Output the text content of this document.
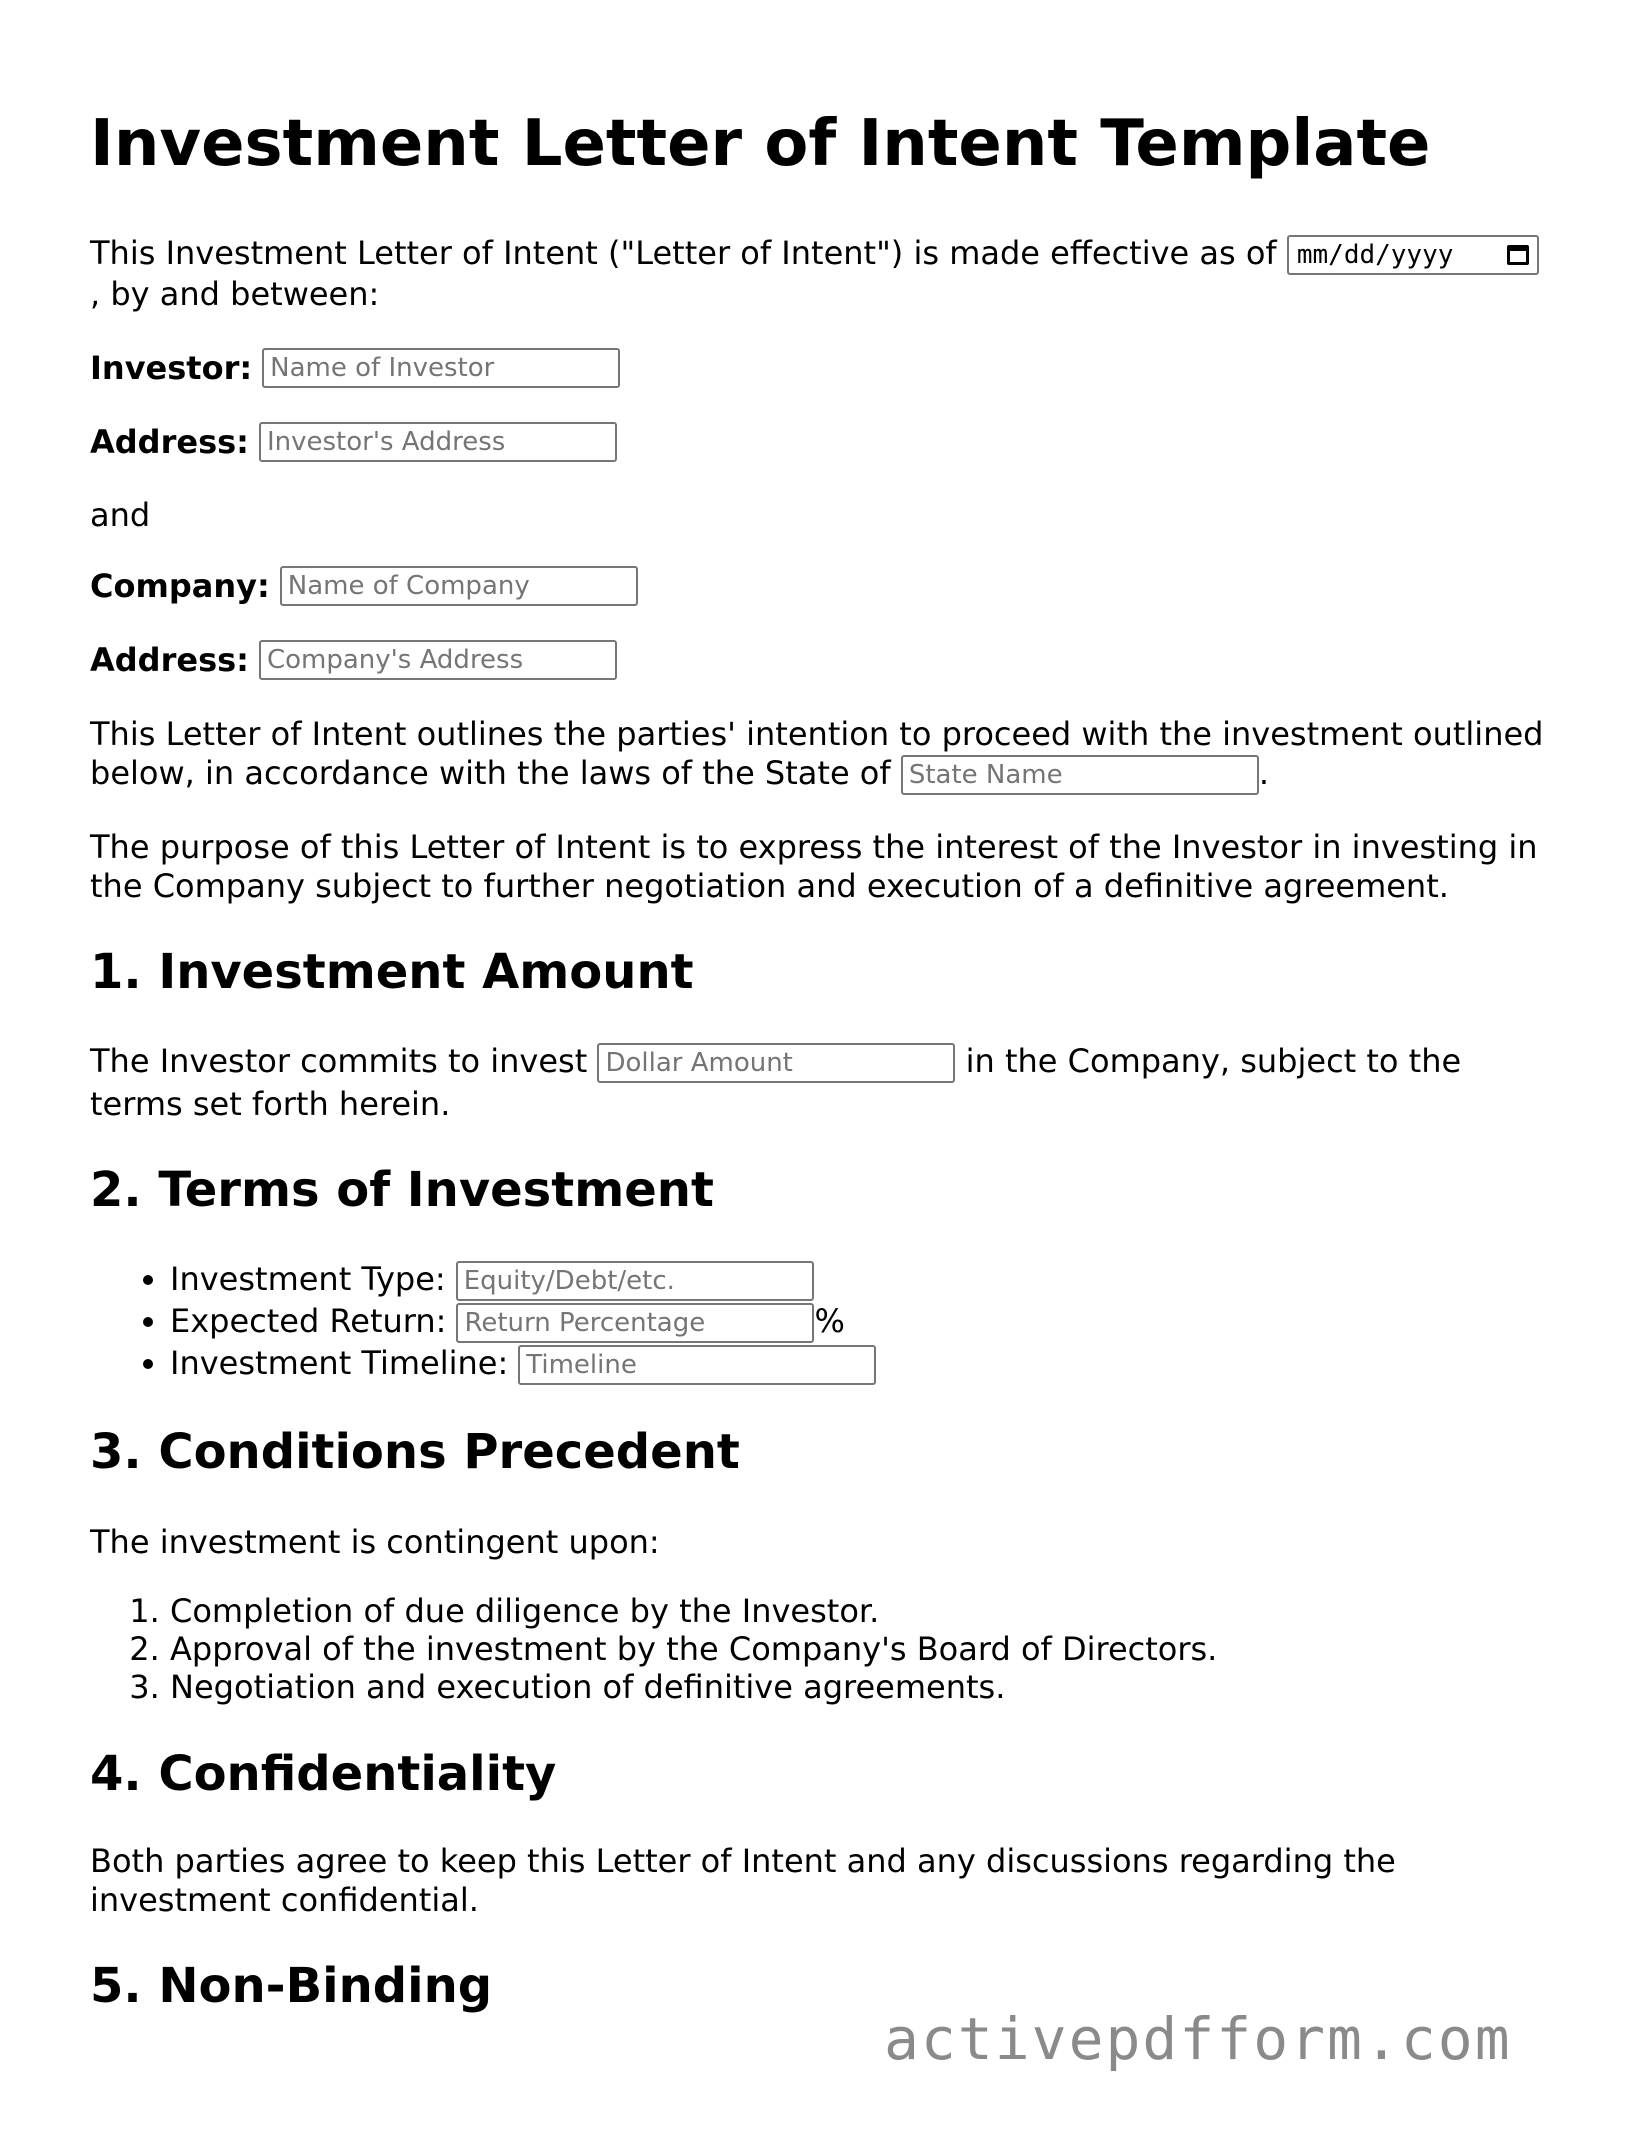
Investment Letter of Intent Template
This Investment Letter of Intent ("Letter of Intent") is made effective as of mm/dd/yyyy

, by and between:
Investor:
Name of Investor
Address:
Investor's Address
and
Company:
Name of Company
Address:
Company's Address
This Letter of Intent outlines the parties' intention to proceed with the investment outlined below, in accordance with the laws of the State of State Name	.
The purpose of this Letter of Intent is to express the interest of the Investor in investing in the Company subject to further negotiation and execution of a definitive agreement.
1. Investment Amount
The Investor commits to invest Dollar Amount	in the Company, subject to the terms set forth herein.
2. Terms of Investment
• Investment Type:Equity/Debt/etc.
• Expected Return:Return Percentage	%
• Investment Timeline:Timeline
3. Conditions Precedent
The investment is contingent upon:
1. Completion of due diligence by the Investor.
2. Approval of the investment by the Company's Board of Directors.
3. Negotiation and execution of definitive agreements.
4. Confidentiality
Both parties agree to keep this Letter of Intent and any discussions regarding the investment confidential.
5. Non-Binding
activepdfform.com
